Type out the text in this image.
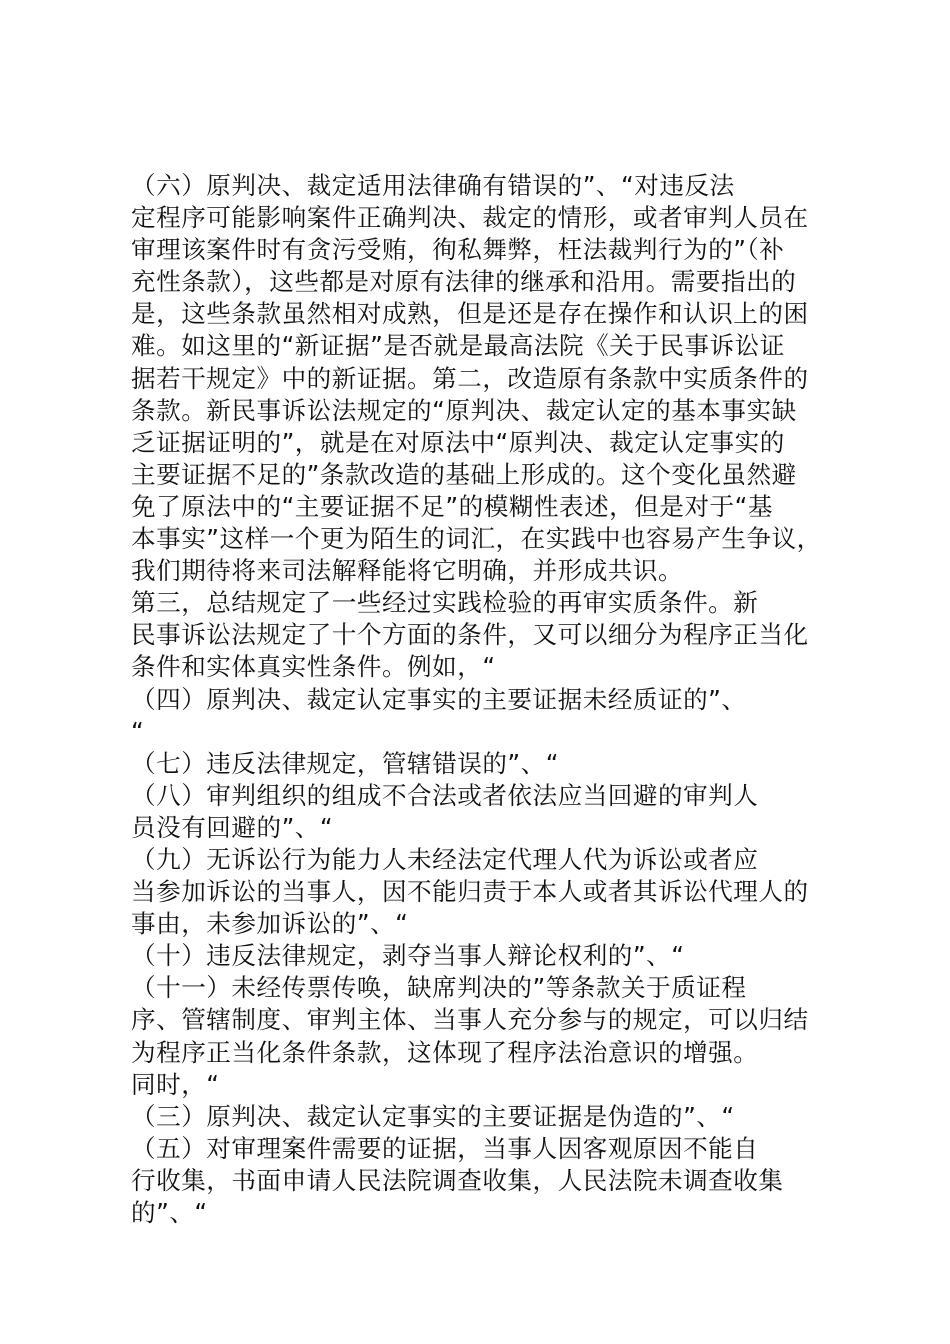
（六）原判决、裁定适用法律确有错误的”、“对违反法
定程序可能影响案件正确判决、裁定的情形，或者审判人员在
审理该案件时有贪污受贿，徇私舞弊，枉法裁判行为的”（补
充性条款），这些都是对原有法律的继承和沿用。需要指出的
是，这些条款虽然相对成熟，但是还是存在操作和认识上的困
难。如这里的“新证据”是否就是最高法院《关于民事诉讼证
据若干规定》中的新证据。第二，改造原有条款中实质条件的
条款。新民事诉讼法规定的“原判决、裁定认定的基本事实缺
乏证据证明的”，就是在对原法中“原判决、裁定认定事实的
主要证据不足的”条款改造的基础上形成的。这个变化虽然避
免了原法中的“主要证据不足”的模糊性表述，但是对于“基
本事实”这样一个更为陌生的词汇，在实践中也容易产生争议，
我们期待将来司法解释能将它明确，并形成共识。
第三，总结规定了一些经过实践检验的再审实质条件。新
民事诉讼法规定了十个方面的条件，又可以细分为程序正当化
条件和实体真实性条件。例如，“
（四）原判决、裁定认定事实的主要证据未经质证的”、
“
（七）违反法律规定，管辖错误的”、“
（八）审判组织的组成不合法或者依法应当回避的审判人
员没有回避的”、“
（九）无诉讼行为能力人未经法定代理人代为诉讼或者应
当参加诉讼的当事人，因不能归责于本人或者其诉讼代理人的
事由，未参加诉讼的”、“
（十）违反法律规定，剥夺当事人辩论权利的”、“
（十一）未经传票传唤，缺席判决的”等条款关于质证程
序、管辖制度、审判主体、当事人充分参与的规定，可以归结
为程序正当化条件条款，这体现了程序法治意识的增强。
同时，“
（三）原判决、裁定认定事实的主要证据是伪造的”、“
（五）对审理案件需要的证据，当事人因客观原因不能自
行收集，书面申请人民法院调查收集，人民法院未调查收集
的”、“
